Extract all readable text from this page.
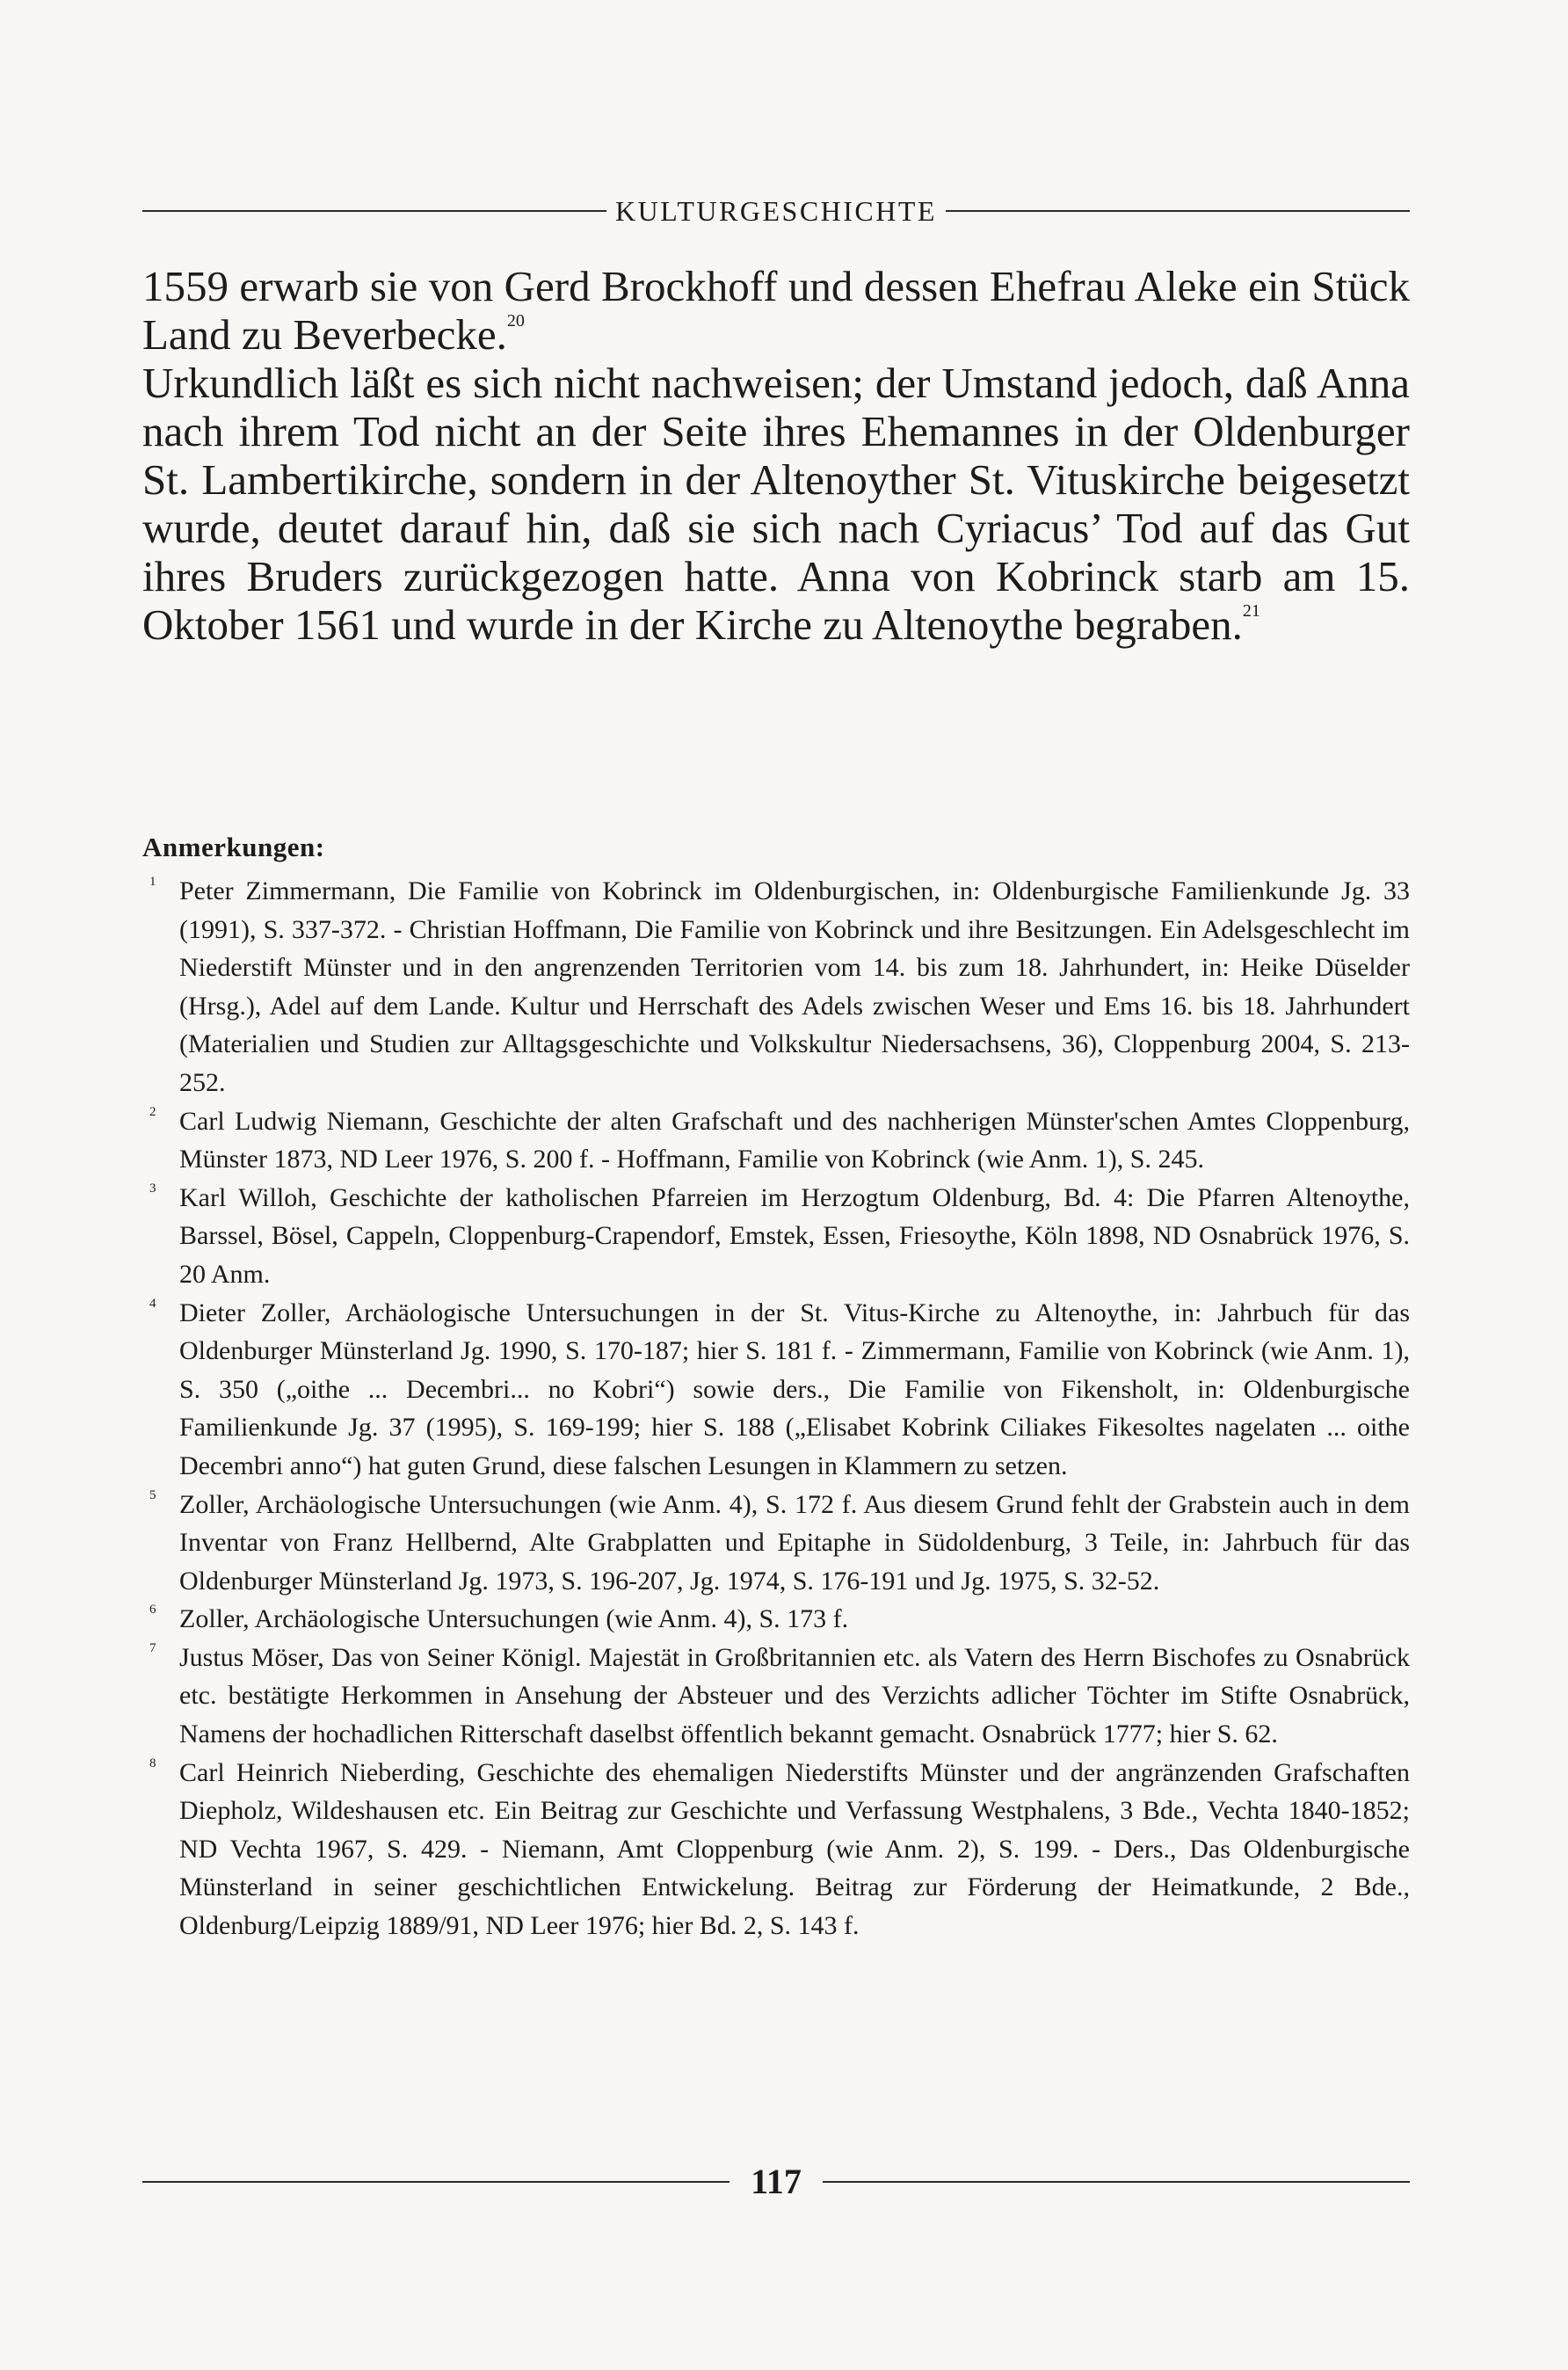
KULTURGESCHICHTE

1559 erwarb sie von Gerd Brockhoff und dessen Ehefrau Aleke ein Stück Land zu Beverbecke.$^{20}$

Urkundlich läßt es sich nicht nachweisen; der Umstand jedoch, daß Anna nach ihrem Tod nicht an der Seite ihres Ehemannes in der Oldenburger St. Lambertikirche, sondern in der Altenoyther St. Vituskirche beigesetzt wurde, deutet darauf hin, daß sie sich nach Cyriacus’ Tod auf das Gut ihres Bruders zurückgezogen hatte. Anna von Kobrinck starb am 15. Oktober 1561 und wurde in der Kirche zu Altenoythe begraben.$^{21}$

Anmerkungen:

1 Peter Zimmermann, Die Familie von Kobrinck im Oldenburgischen, in: Oldenburgische Familienkunde Jg. 33 (1991), S. 337-372. - Christian Hoffmann, Die Familie von Kobrinck und ihre Besitzungen. Ein Adelsgeschlecht im Niederstift Münster und in den angrenzenden Territorien vom 14. bis zum 18. Jahrhundert, in: Heike Düselder (Hrsg.), Adel auf dem Lande. Kultur und Herrschaft des Adels zwischen Weser und Ems 16. bis 18. Jahrhundert (Materialien und Studien zur Alltagsgeschichte und Volkskultur Niedersachsens, 36), Cloppenburg 2004, S. 213-252.

2 Carl Ludwig Niemann, Geschichte der alten Grafschaft und des nachherigen Münster'schen Amtes Cloppenburg, Münster 1873, ND Leer 1976, S. 200 f. - Hoffmann, Familie von Kobrinck (wie Anm. 1), S. 245.

3 Karl Willoh, Geschichte der katholischen Pfarreien im Herzogtum Oldenburg, Bd. 4: Die Pfarren Altenoythe, Barssel, Bösel, Cappeln, Cloppenburg-Crapendorf, Emstek, Essen, Friesoythe, Köln 1898, ND Osnabrück 1976, S. 20 Anm.

4 Dieter Zoller, Archäologische Untersuchungen in der St. Vitus-Kirche zu Altenoythe, in: Jahrbuch für das Oldenburger Münsterland Jg. 1990, S. 170-187; hier S. 181 f. - Zimmermann, Familie von Kobrinck (wie Anm. 1), S. 350 („oithe ... Decembri... no Kobri“) sowie ders., Die Familie von Fikensholt, in: Oldenburgische Familienkunde Jg. 37 (1995), S. 169-199; hier S. 188 („Elisabet Kobrink Ciliakes Fikesoltes nagelaten ... oithe Decembri anno“) hat guten Grund, diese falschen Lesungen in Klammern zu setzen.

5 Zoller, Archäologische Untersuchungen (wie Anm. 4), S. 172 f. Aus diesem Grund fehlt der Grabstein auch in dem Inventar von Franz Hellbernd, Alte Grabplatten und Epitaphe in Südoldenburg, 3 Teile, in: Jahrbuch für das Oldenburger Münsterland Jg. 1973, S. 196-207, Jg. 1974, S. 176-191 und Jg. 1975, S. 32-52.

6 Zoller, Archäologische Untersuchungen (wie Anm. 4), S. 173 f.

7 Justus Möser, Das von Seiner Königl. Majestät in Großbritannien etc. als Vatern des Herrn Bischofes zu Osnabrück etc. bestätigte Herkommen in Ansehung der Absteuer und des Verzichts adlicher Töchter im Stifte Osnabrück, Namens der hochadlichen Ritterschaft daselbst öffentlich bekannt gemacht. Osnabrück 1777; hier S. 62.

8 Carl Heinrich Nieberding, Geschichte des ehemaligen Niederstifts Münster und der angränzenden Grafschaften Diepholz, Wildeshausen etc. Ein Beitrag zur Geschichte und Verfassung Westphalens, 3 Bde., Vechta 1840-1852; ND Vechta 1967, S. 429. - Niemann, Amt Cloppenburg (wie Anm. 2), S. 199. - Ders., Das Oldenburgische Münsterland in seiner geschichtlichen Entwickelung. Beitrag zur Förderung der Heimatkunde, 2 Bde., Oldenburg/Leipzig 1889/91, ND Leer 1976; hier Bd. 2, S. 143 f.

117
